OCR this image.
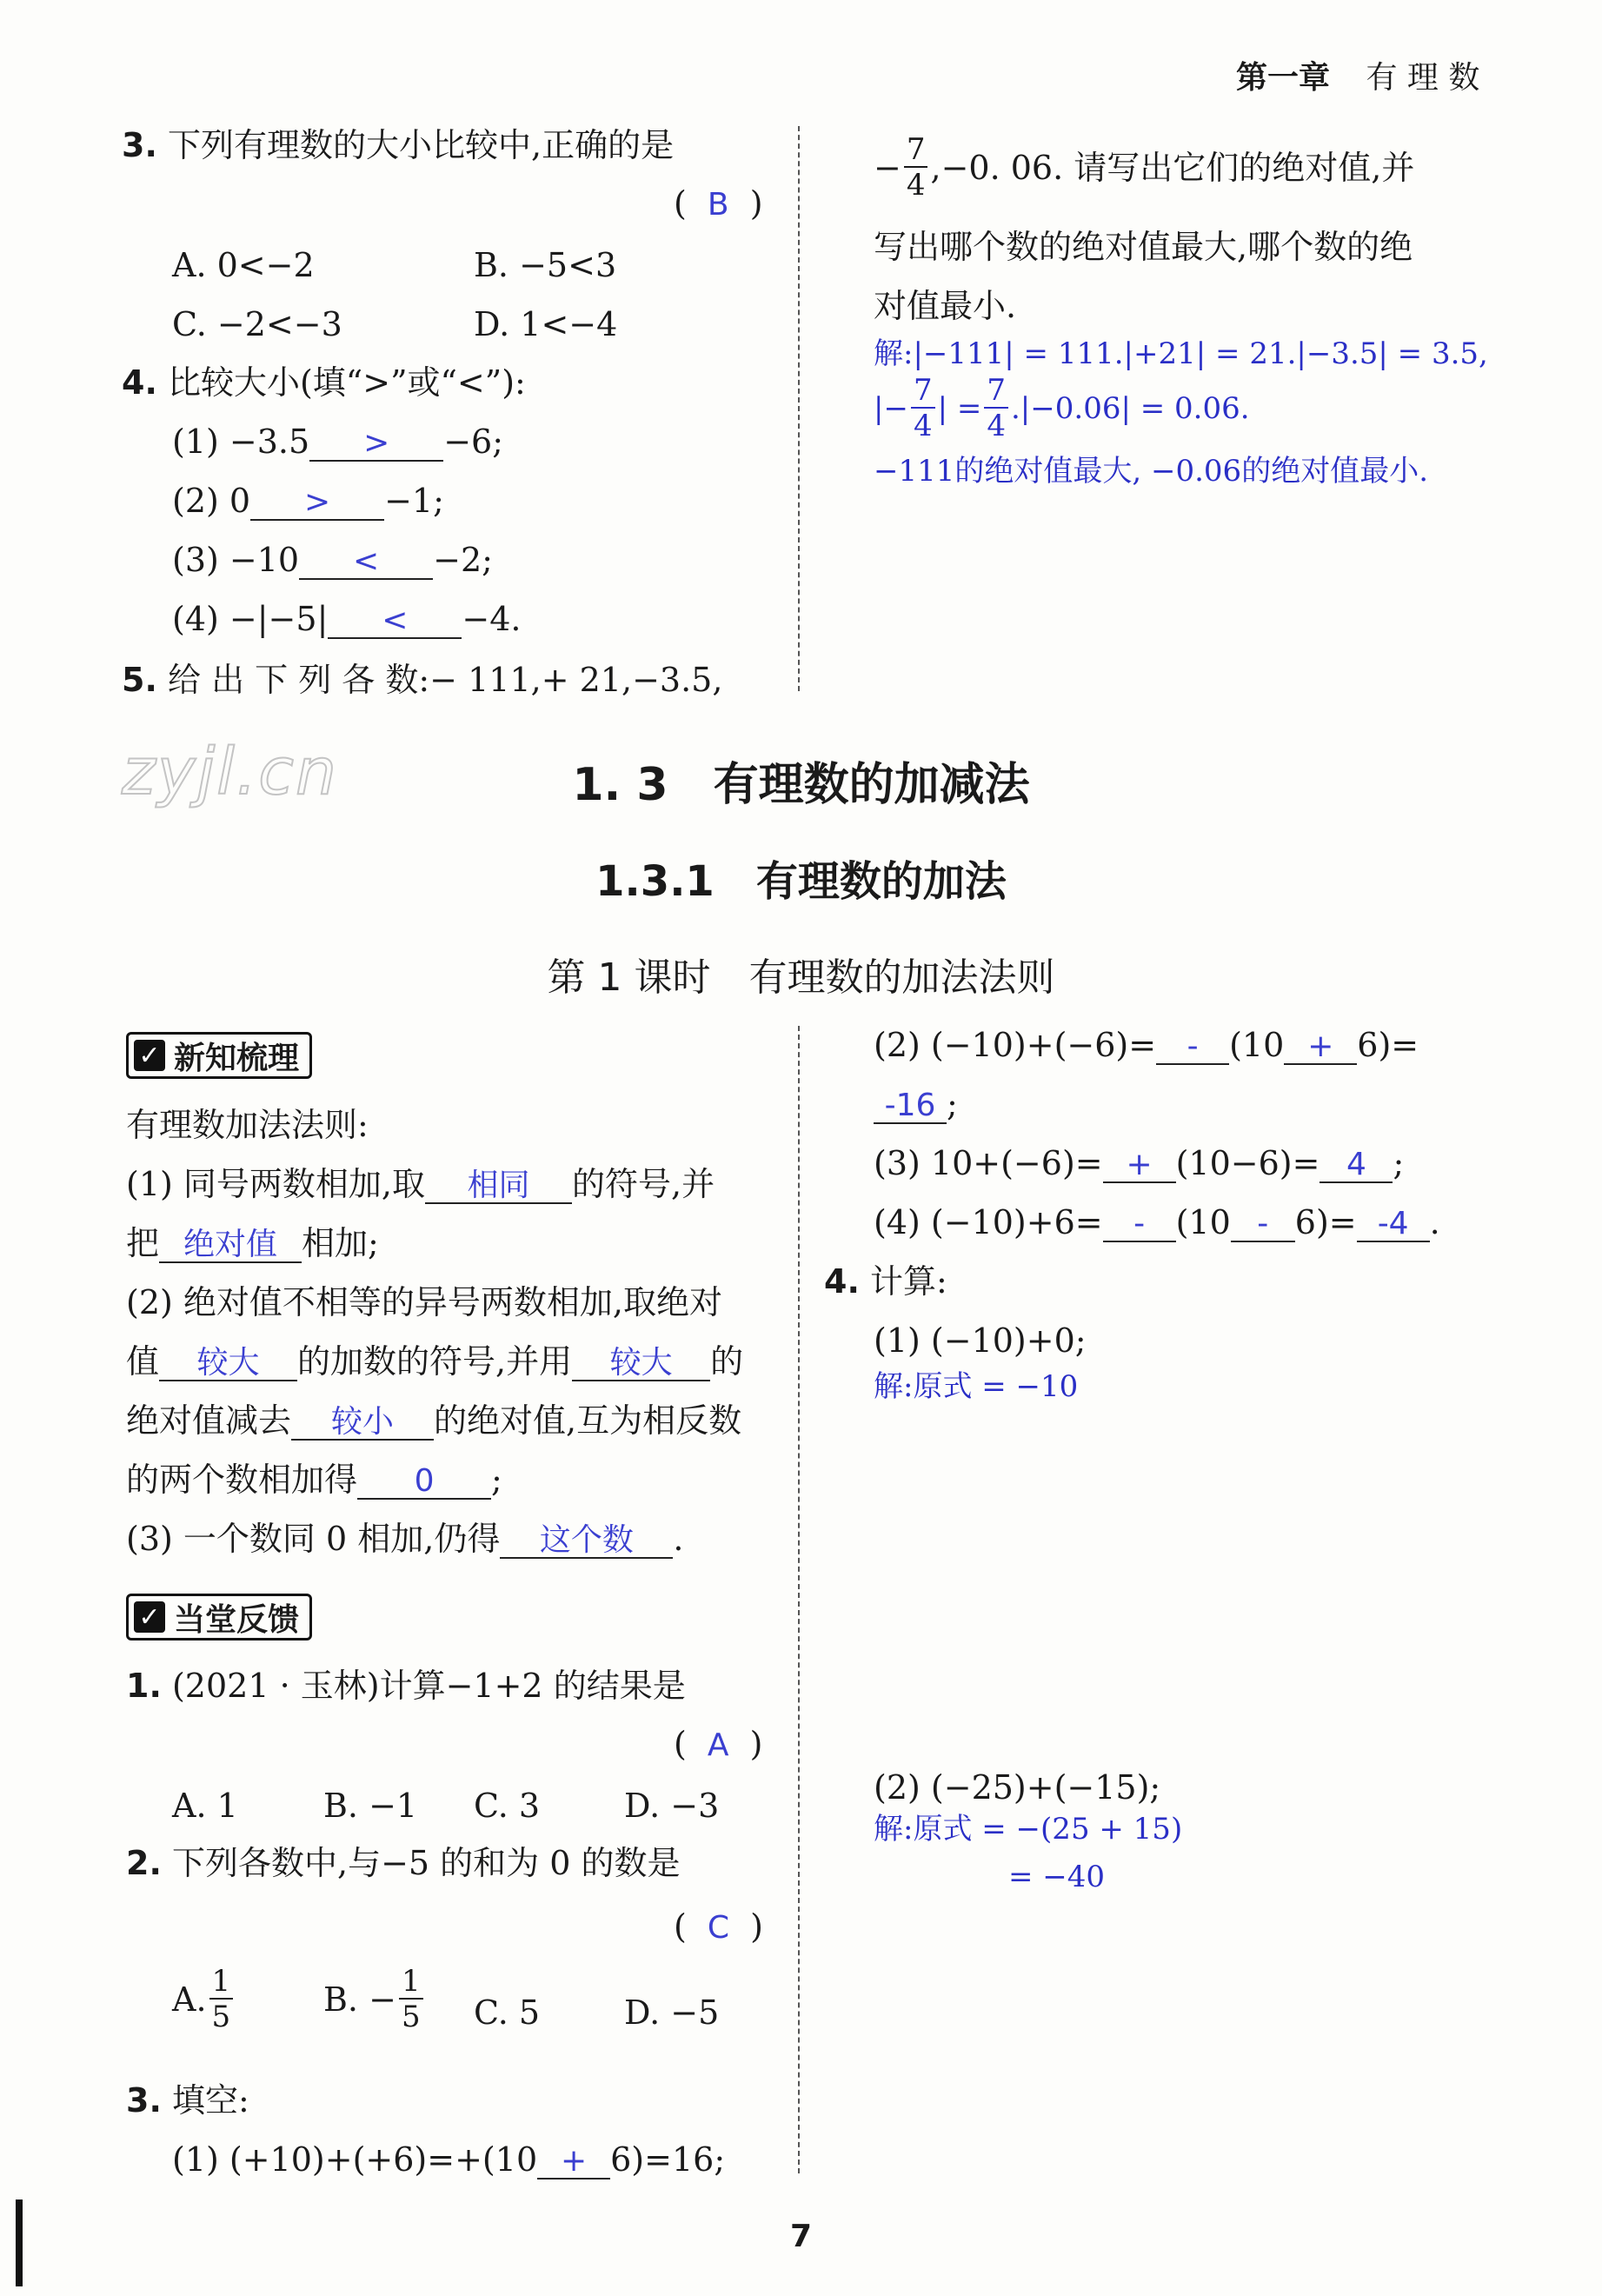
第一章 有 理 数
3. 下列有理数的大小比较中,正确的是
( B )
A. 0<−2	B. −5<3
C. −2<−3	D. 1<−4
4. 比较大小(填“>”或“<”):
(1) −3.5 > −6;
(2) 0 > −1;
(3) −10 < −2;
(4) −|−5| < −4.
5. 给 出 下 列 各 数:− 111,+ 21,−3.5,
− $\frac{7}{4} ,-0$. 06. 请写出它们的绝对值,并
写出哪个数的绝对值最大,哪个数的绝
对值最小.
解:|−111| = 111.|+21| = 21.|−3.5| = 3.5,
|− $\frac{7}{4}$ | = $\frac{7}{4} .|-0.06| = 0.06$.
−111的绝对值最大, −0.06的绝对值最小.
zyjl.cn	1. 3　有理数的加减法
1.3.1　有理数的加法
第 1 课时　有理数的加法法则
✓ 新知梳理
有理数加法法则:
(1) 同号两数相加,取 相同 的符号,并
把 绝对值 相加;
(2) 绝对值不相等的异号两数相加,取绝对
值 较大 的加数的符号,并用 较大 的
绝对值减去 较小 的绝对值,互为相反数
的两个数相加得 0 ;
(3) 一个数同 0 相加,仍得 这个数 .
✓ 当堂反馈
1. (2021 · 玉林)计算−1+2 的结果是
( A )
A. 1	B. −1 C. 3	D. −3
2. 下列各数中,与−5 的和为 0 的数是
( C )
A. $\frac{1}{5}$	B. − $\frac{1}{5} C$. 5	D. −5
3. 填空:
(1) (+10)+(+6)=+(10 + 6)=16;
(2) (−10)+(−6)= - (10 + 6)=
-16 ;
(3) 10+(−6)= + (10−6)= 4 ;
(4) (−10)+6= - (10 - 6)= -4 .
4. 计算:
(1) (−10)+0;
解:原式 = −10
(2) (−25)+(−15);
解:原式 = −(25 + 15)
= −40
7
